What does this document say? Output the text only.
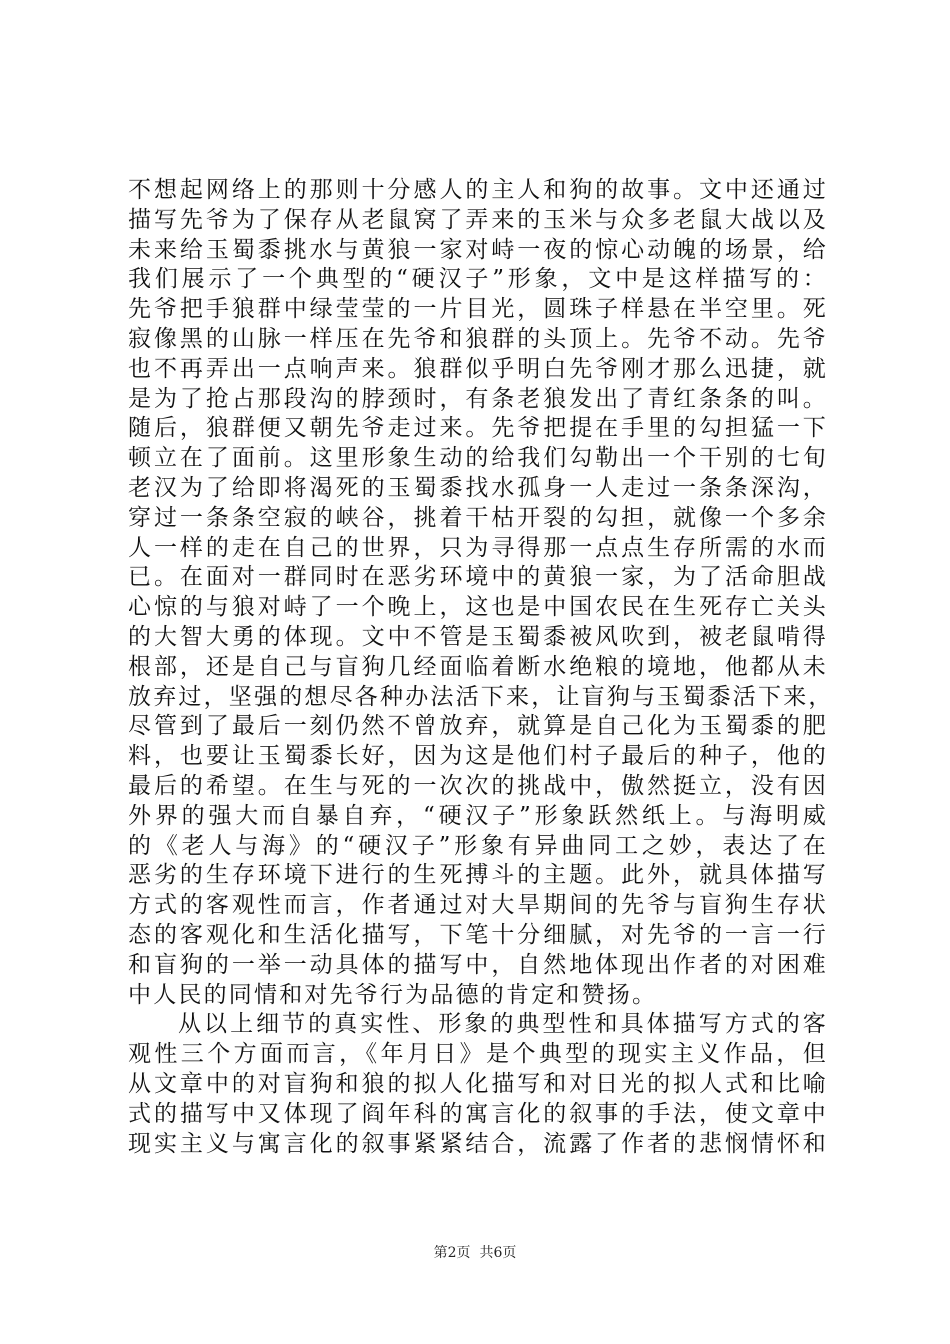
不想起网络上的那则十分感人的主人和狗的故事。文中还通过
描写先爷为了保存从老鼠窝了弄来的玉米与众多老鼠大战以及
未来给玉蜀黍挑水与黄狼一家对峙一夜的惊心动魄的场景，给
我们展示了一个典型的“硬汉子”形象，文中是这样描写的：
先爷把手狼群中绿莹莹的一片目光，圆珠子样悬在半空里。死
寂像黑的山脉一样压在先爷和狼群的头顶上。先爷不动。先爷
也不再弄出一点响声来。狼群似乎明白先爷刚才那么迅捷，就
是为了抢占那段沟的脖颈时，有条老狼发出了青红条条的叫。
随后，狼群便又朝先爷走过来。先爷把提在手里的勾担猛一下
顿立在了面前。这里形象生动的给我们勾勒出一个干别的七旬
老汉为了给即将渴死的玉蜀黍找水孤身一人走过一条条深沟，
穿过一条条空寂的峡谷，挑着干枯开裂的勾担，就像一个多余
人一样的走在自己的世界，只为寻得那一点点生存所需的水而
已。在面对一群同时在恶劣环境中的黄狼一家，为了活命胆战
心惊的与狼对峙了一个晚上，这也是中国农民在生死存亡关头
的大智大勇的体现。文中不管是玉蜀黍被风吹到，被老鼠啃得
根部，还是自己与盲狗几经面临着断水绝粮的境地，他都从未
放弃过，坚强的想尽各种办法活下来，让盲狗与玉蜀黍活下来，
尽管到了最后一刻仍然不曾放弃，就算是自己化为玉蜀黍的肥
料，也要让玉蜀黍长好，因为这是他们村子最后的种子，他的
最后的希望。在生与死的一次次的挑战中，傲然挺立，没有因
外界的强大而自暴自弃，“硬汉子”形象跃然纸上。与海明威
的《老人与海》的“硬汉子”形象有异曲同工之妙，表达了在
恶劣的生存环境下进行的生死搏斗的主题。此外，就具体描写
方式的客观性而言，作者通过对大旱期间的先爷与盲狗生存状
态的客观化和生活化描写，下笔十分细腻，对先爷的一言一行
和盲狗的一举一动具体的描写中，自然地体现出作者的对困难
中人民的同情和对先爷行为品德的肯定和赞扬。
从以上细节的真实性、形象的典型性和具体描写方式的客
观性三个方面而言，《年月日》是个典型的现实主义作品，但
从文章中的对盲狗和狼的拟人化描写和对日光的拟人式和比喻
式的描写中又体现了阎年科的寓言化的叙事的手法，使文章中
现实主义与寓言化的叙事紧紧结合，流露了作者的悲悯情怀和
第2页  共6页
